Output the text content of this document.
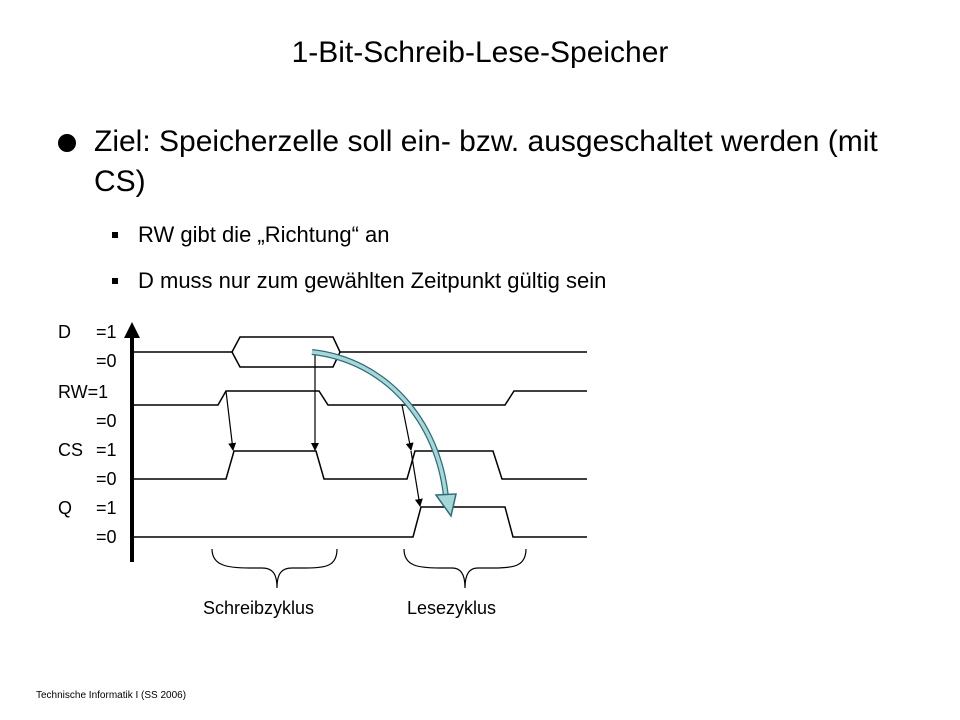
1-Bit-Schreib-Lese-Speicher
Ziel: Speicherzelle soll ein- bzw. ausgeschaltet werden (mit CS)
RW gibt die „Richtung“ an
D muss nur zum gewählten Zeitpunkt gültig sein
D =1
=0
RW=1
=0
CS =1
=0
Q =1
=0
Schreibzyklus	Lesezyklus
Technische Informatik I (SS 2006)
